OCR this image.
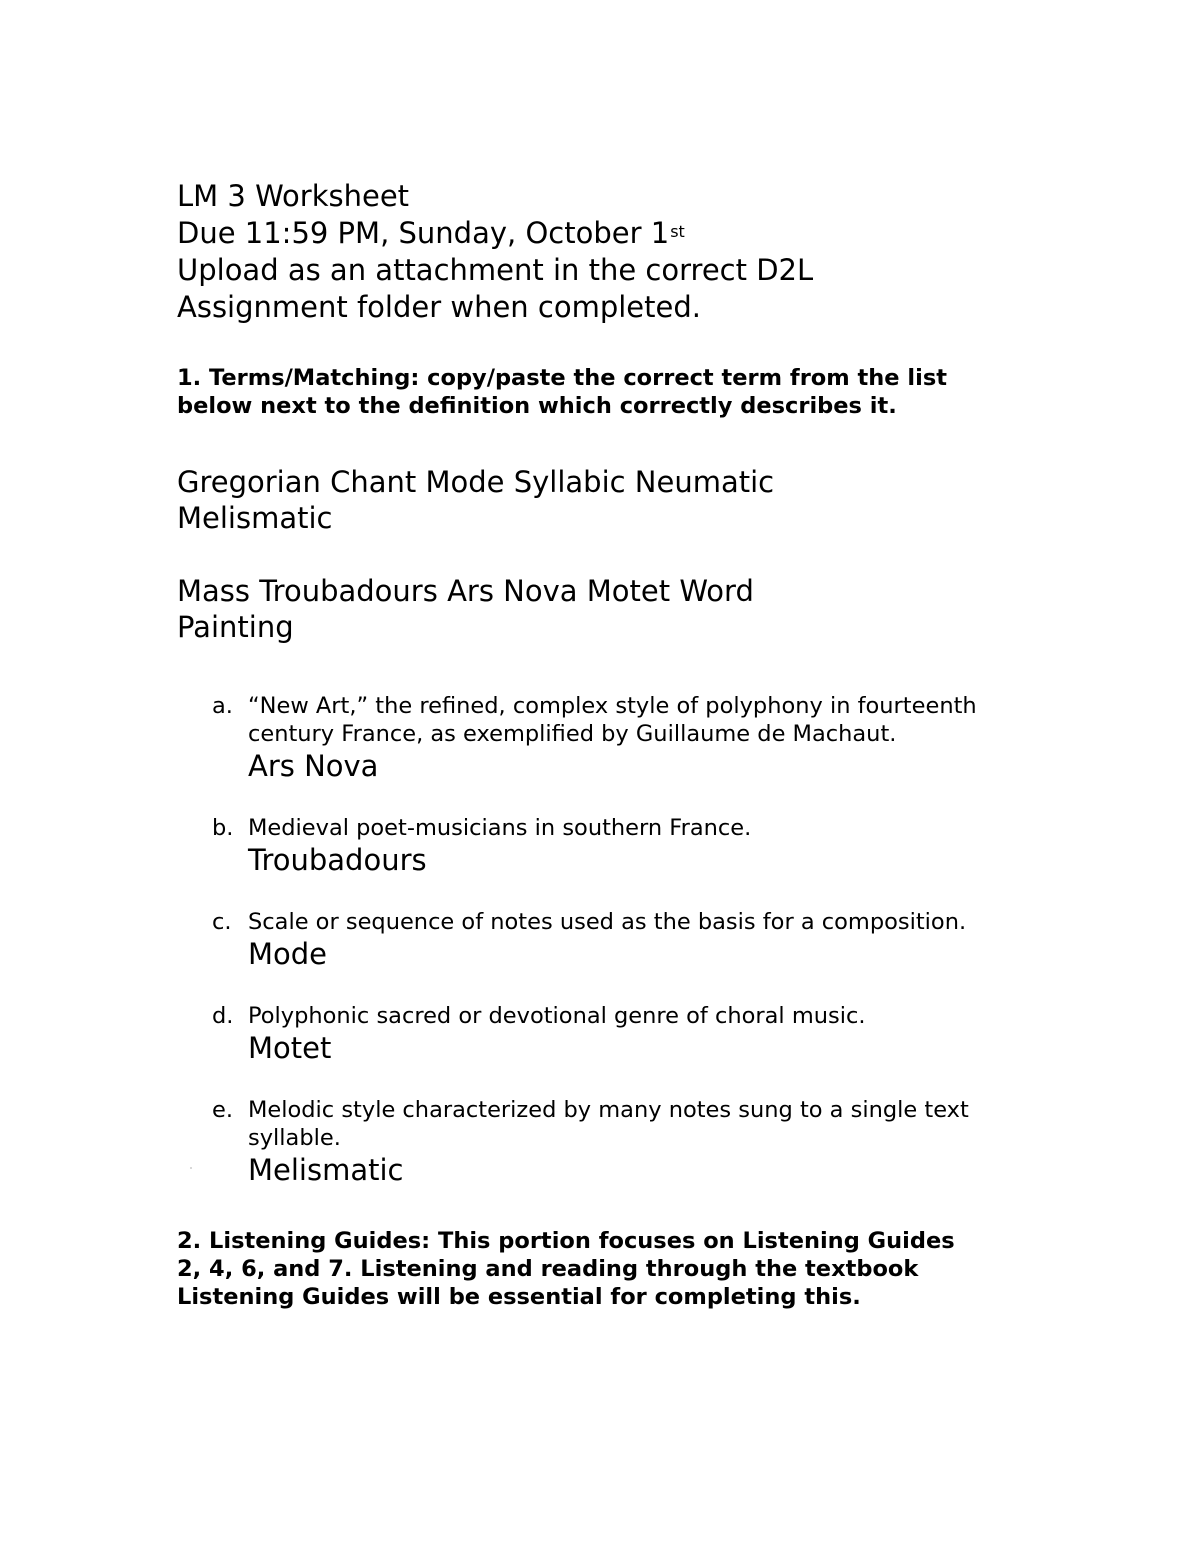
LM 3 Worksheet

Due 11:59 PM, Sunday, October 1st

Upload as an attachment in the correct D2L

Assignment folder when completed.

1. Terms/Matching: copy/paste the correct term from the list

below next to the definition which correctly describes it.

Gregorian Chant Mode Syllabic Neumatic
Melismatic
Mass Troubadours Ars Nova Motet Word
Painting
a. “New Art,” the refined, complex style of polyphony in fourteenth

century France, as exemplified by Guillaume de Machaut.

Ars Nova

b. Medieval poet-musicians in southern France.

Troubadours

c. Scale or sequence of notes used as the basis for a composition.

Mode

d. Polyphonic sacred or devotional genre of choral music.

Motet

e. Melodic style characterized by many notes sung to a single text

syllable.

Melismatic

2. Listening Guides: This portion focuses on Listening Guides

2, 4, 6, and 7. Listening and reading through the textbook

Listening Guides will be essential for completing this.
